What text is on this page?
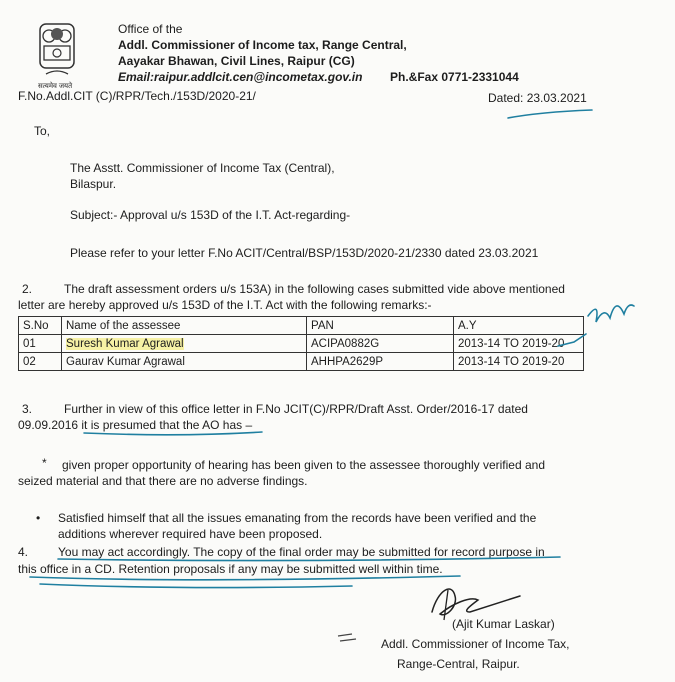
सत्यमेव जयते
Office of the
Addl. Commissioner of Income tax, Range Central,
Aayakar Bhawan, Civil Lines, Raipur (CG)
Email:raipur.addlcit.cen@incometax.gov.in Ph.&Fax 0771-2331044
F.No.Addl.CIT (C)/RPR/Tech./153D/2020-21/	Dated: 23.03.2021
To,
The Asstt. Commissioner of Income Tax (Central),
Bilaspur.
Subject:- Approval u/s 153D of the I.T. Act-regarding-
Please refer to your letter F.No ACIT/Central/BSP/153D/2020-21/2330 dated 23.03.2021
2.	The draft assessment orders u/s 153A) in the following cases submitted vide above mentioned
letter are hereby approved u/s 153D of the I.T. Act with the following remarks:-
S.No	Name of the assessee	PAN	A.Y
01	Suresh Kumar Agrawal	ACIPA0882G	2013-14 TO 2019-20
02	Gaurav Kumar Agrawal	AHHPA2629P	2013-14 TO 2019-20
3.	Further in view of this office letter in F.No JCIT(C)/RPR/Draft Asst. Order/2016-17 dated
09.09.2016 it is presumed that the AO has –
* given proper opportunity of hearing has been given to the assessee thoroughly verified and
seized material and that there are no adverse findings.
• Satisfied himself that all the issues emanating from the records have been verified and the
additions wherever required have been proposed.
4. You may act accordingly. The copy of the final order may be submitted for record purpose in
this office in a CD. Retention proposals if any may be submitted well within time.
(Ajit Kumar Laskar)
Addl. Commissioner of Income Tax,
Range-Central, Raipur.
